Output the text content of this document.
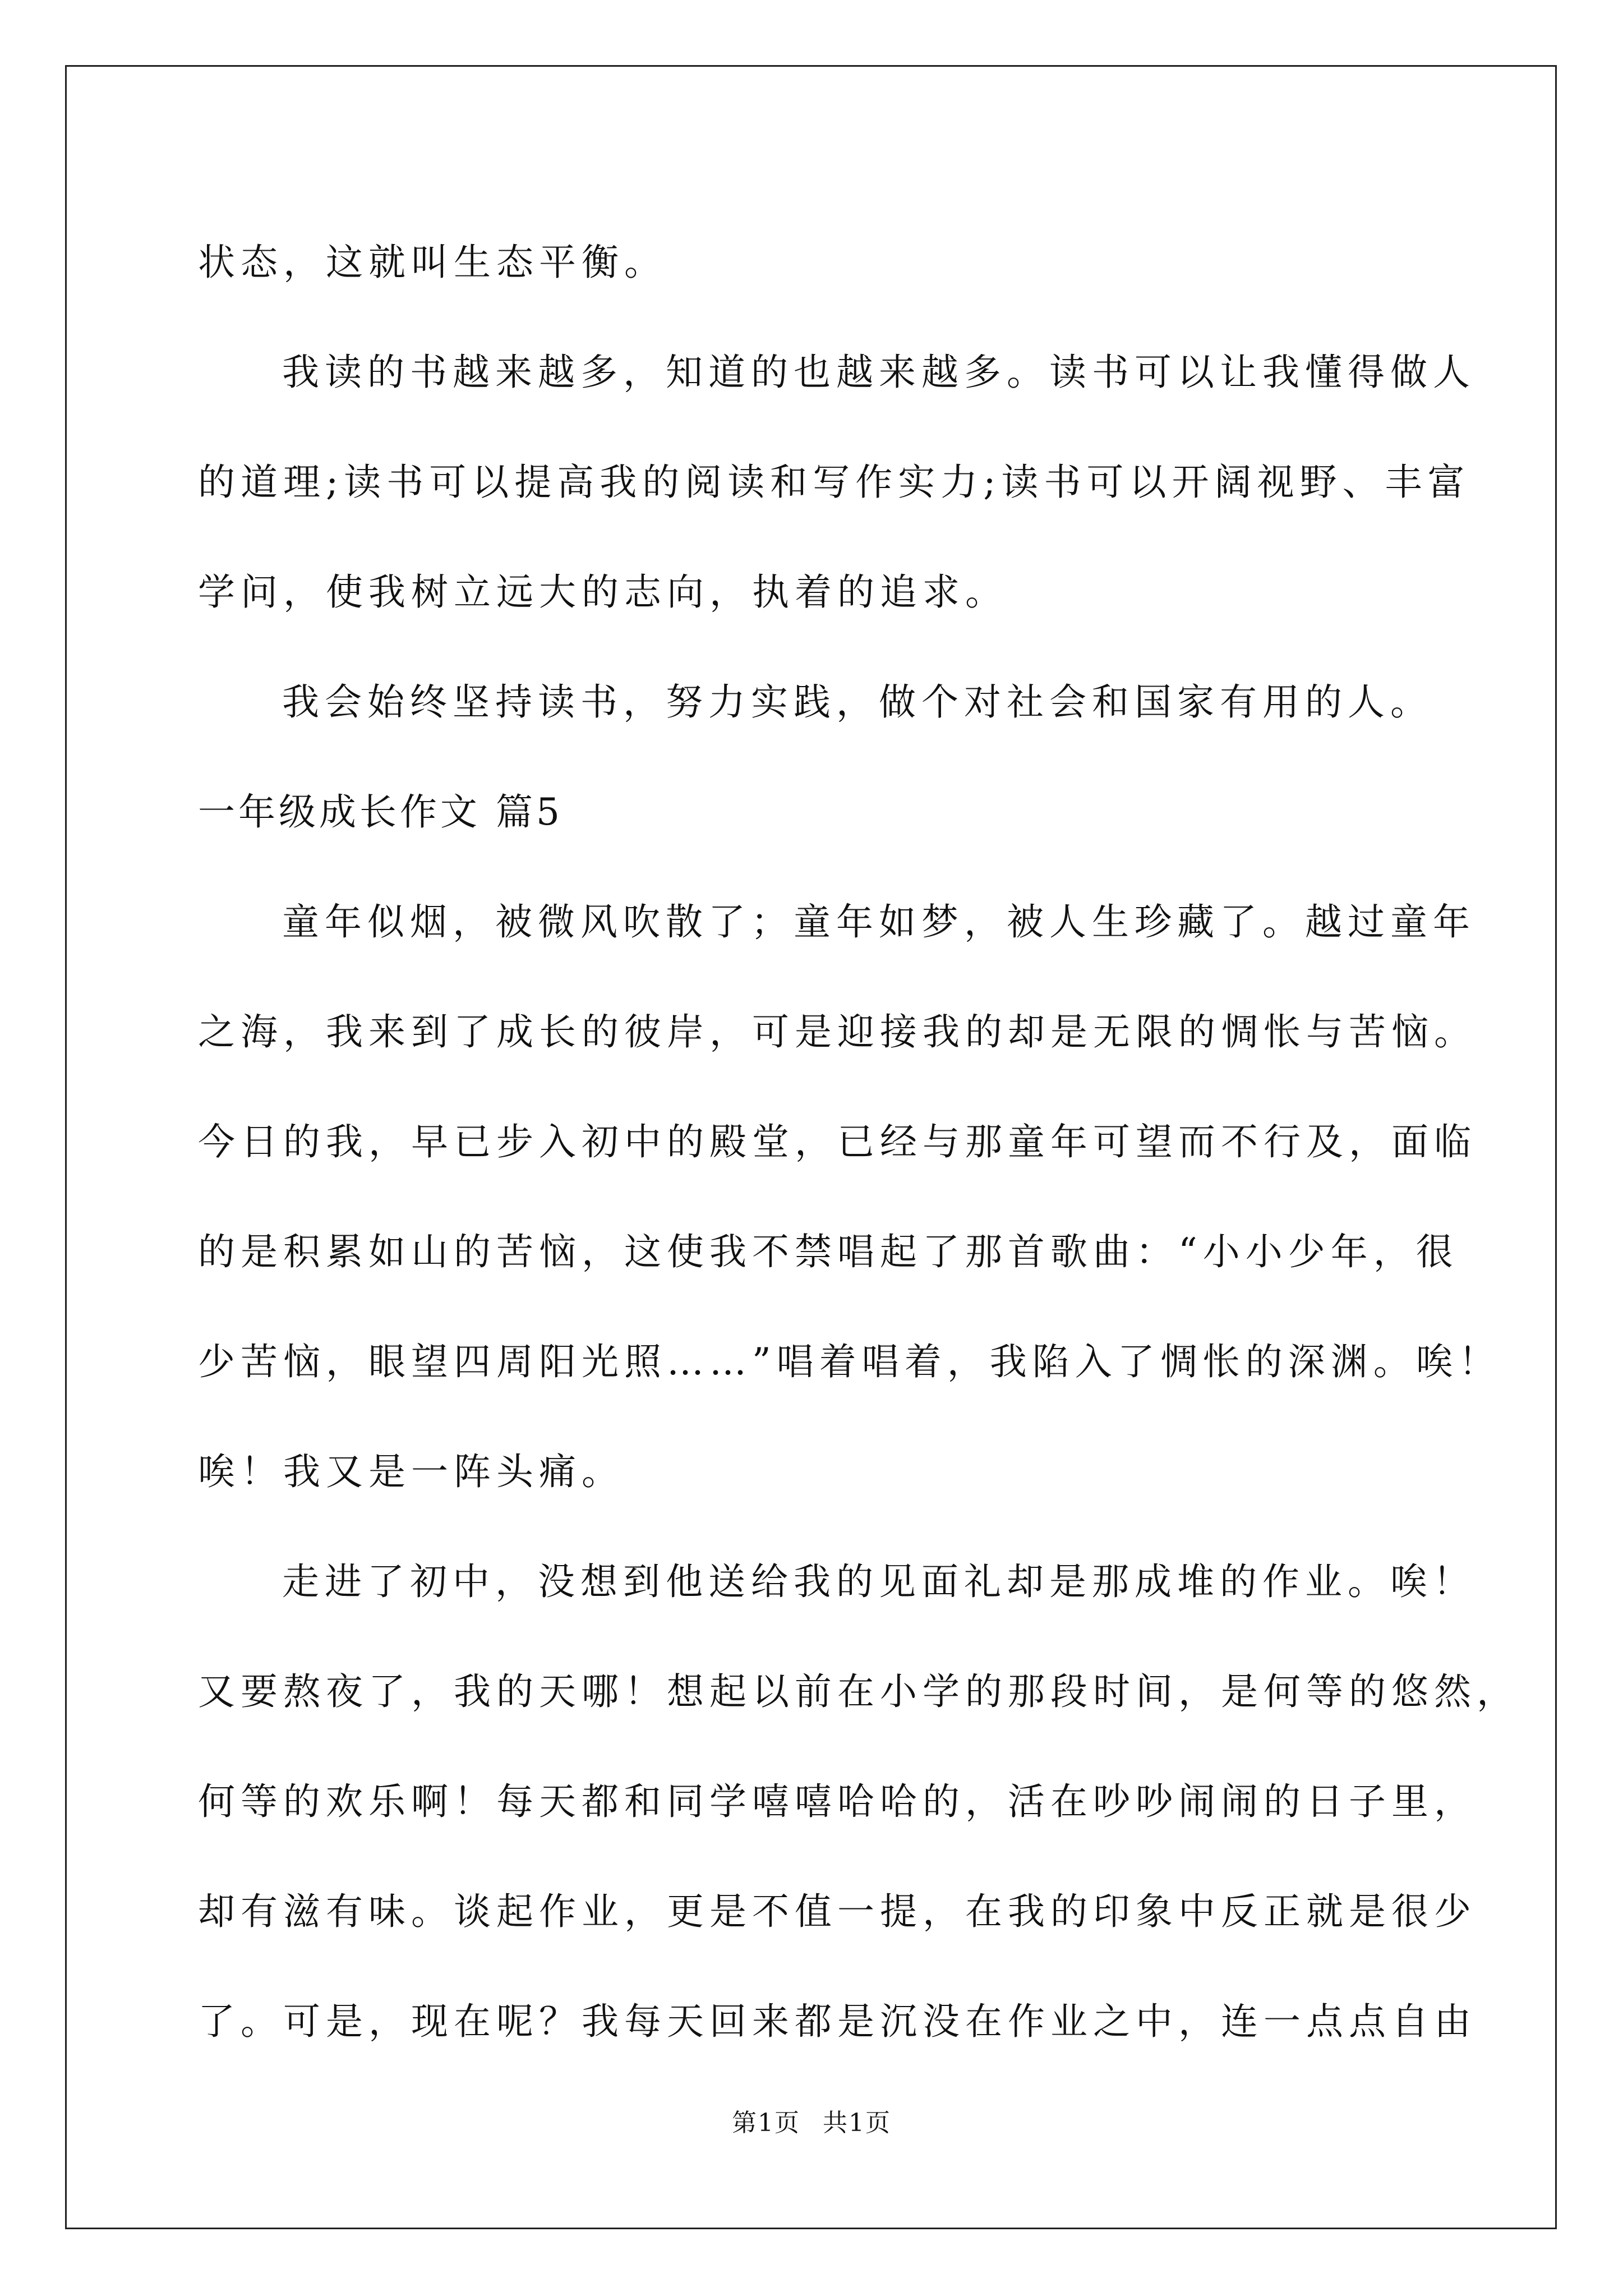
状态，这就叫生态平衡。
我读的书越来越多，知道的也越来越多。读书可以让我懂得做人
的道理;读书可以提高我的阅读和写作实力;读书可以开阔视野、丰富
学问，使我树立远大的志向，执着的追求。
我会始终坚持读书，努力实践，做个对社会和国家有用的人。
一年级成长作文 篇5
童年似烟，被微风吹散了；童年如梦，被人生珍藏了。越过童年
之海，我来到了成长的彼岸，可是迎接我的却是无限的惆怅与苦恼。
今日的我，早已步入初中的殿堂，已经与那童年可望而不行及，面临
的是积累如山的苦恼，这使我不禁唱起了那首歌曲：“小小少年，很
少苦恼，眼望四周阳光照……”唱着唱着，我陷入了惆怅的深渊。唉！
唉！我又是一阵头痛。
走进了初中，没想到他送给我的见面礼却是那成堆的作业。唉！
又要熬夜了，我的天哪！想起以前在小学的那段时间，是何等的悠然，
何等的欢乐啊！每天都和同学嘻嘻哈哈的，活在吵吵闹闹的日子里，
却有滋有味。谈起作业，更是不值一提，在我的印象中反正就是很少
了。可是，现在呢？我每天回来都是沉没在作业之中，连一点点自由
第1页 共1页
